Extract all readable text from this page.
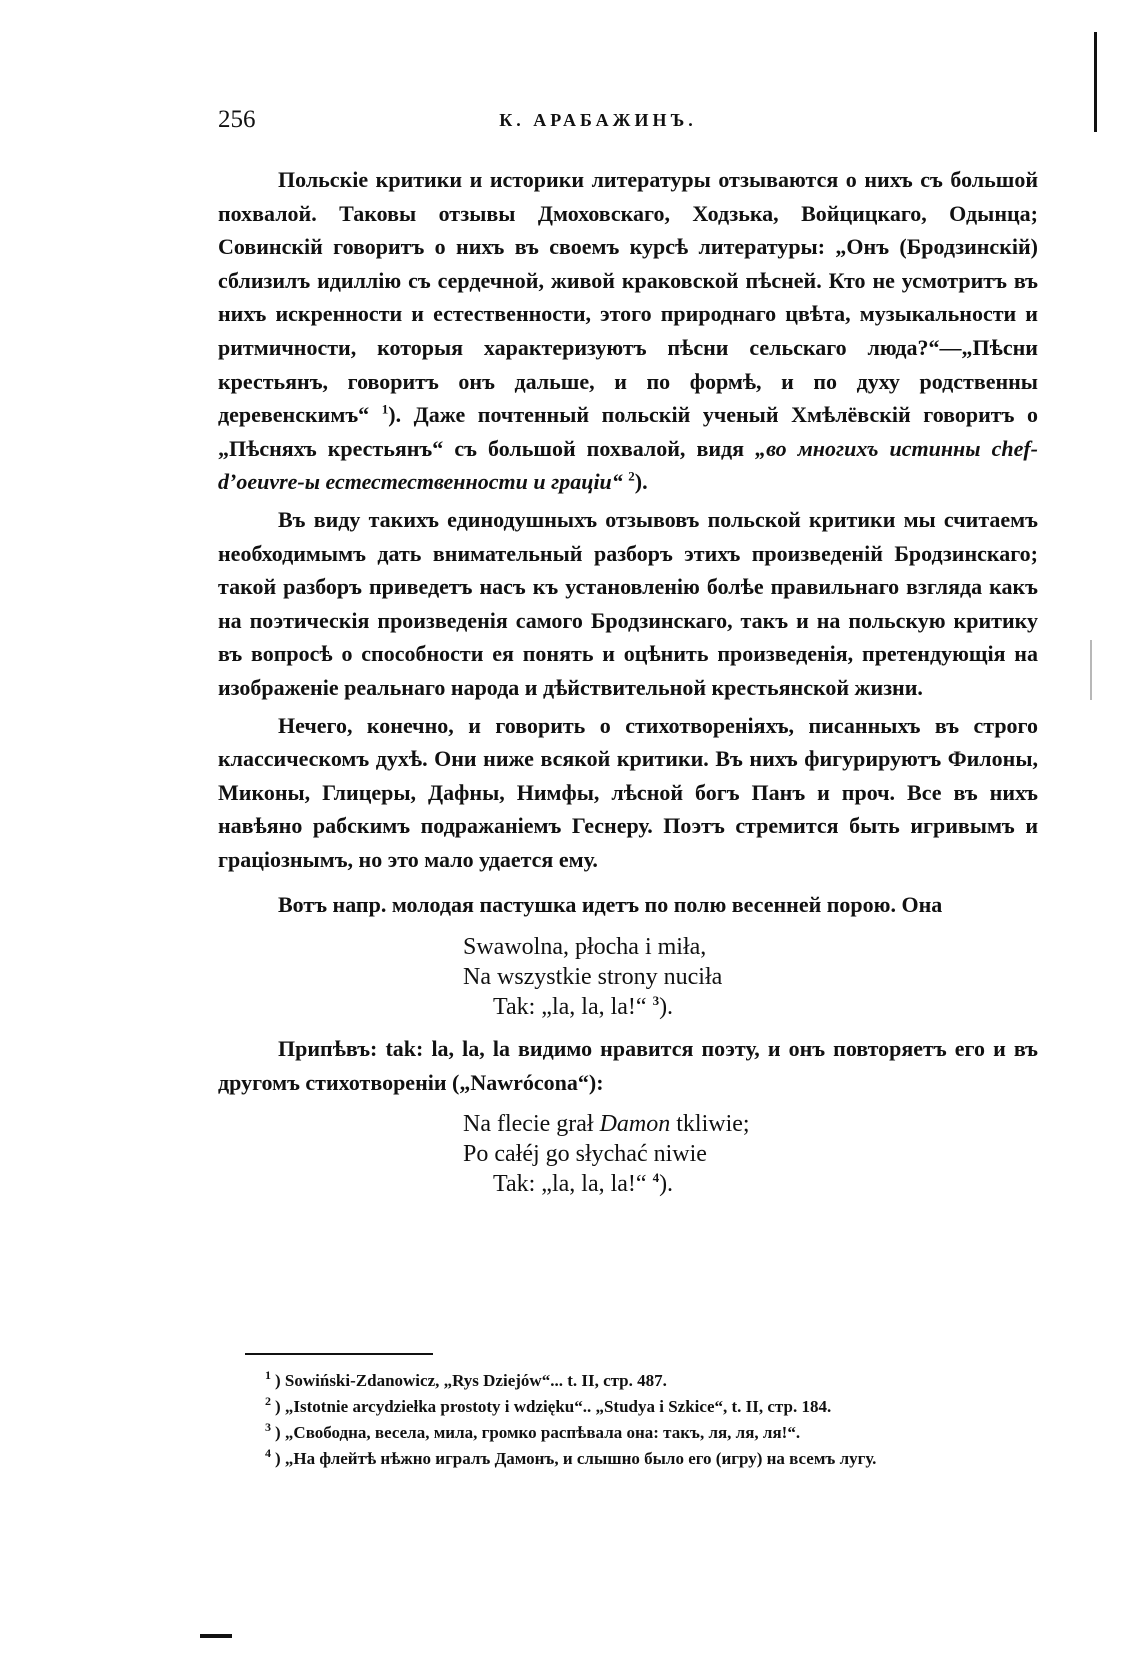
256	К. АРАБАЖИНЪ.

Польскіе критики и историки литературы отзываются о нихъ съ большой похвалой. Таковы отзывы Дмоховскаго, Ходзька, Войцицкаго, Одынца; Совинскій говоритъ о нихъ въ своемъ курсѣ литературы: „Онъ (Бродзинскій) сблизилъ идиллію съ сердечной, живой краковской пѣсней. Кто не усмотритъ въ нихъ искренности и естественности, этого природнаго цвѣта, музыкальности и ритмичности, которыя характеризуютъ пѣсни сельскаго люда?“—„Пѣсни крестьянъ, говоритъ онъ дальше, и по формѣ, и по духу родственны деревенскимъ“ $^1$). Даже почтенный польскій ученый Хмѣлёвскій говоритъ о „Пѣсняхъ крестьянъ“ съ большой похвалой, видя „во многихъ истинны chef-d’oeuvre-ы естестественности и граціи“ $^2$).

Въ виду такихъ единодушныхъ отзывовъ польской критики мы считаемъ необходимымъ дать внимательный разборъ этихъ произведеній Бродзинскаго; такой разборъ приведетъ насъ къ установленію болѣе правильнаго взгляда какъ на поэтическія произведенія самого Бродзинскаго, такъ и на польскую критику въ вопросѣ о способности ея понять и оцѣнить произведенія, претендующія на изображеніе реальнаго народа и дѣйствительной крестьянской жизни.

Нечего, конечно, и говорить о стихотвореніяхъ, писанныхъ въ строго классическомъ духѣ. Они ниже всякой критики. Въ нихъ фигурируютъ Филоны, Миконы, Глицеры, Дафны, Нимфы, лѣсной богъ Панъ и проч. Все въ нихъ навѣяно рабскимъ подражаніемъ Геснеру. Поэтъ стремится быть игривымъ и граціознымъ, но это мало удается ему.

Вотъ напр. молодая пастушка идетъ по полю весенней порою. Она

Swawolna, płocha i miła,
Na wszystkie strony nuciła
Tak: „la, la, la!“ $^3$).

Припѣвъ: tak: la, la, la видимо нравится поэту, и онъ повторяетъ его и въ другомъ стихотвореніи („Nawrócona“):

Na flecie grał Damon tkliwie;
Po całéj go słychać niwie
Tak: „la, la, la!“ $^4$).
$^1$ ) Sowiński-Zdanowicz, „Rys Dziejów“... t. II, стр. 487.
$^2$ ) „Istotnie arcydziełka prostoty i wdzięku“.. „Studya i Szkice“, t. II, стр. 184.
$^3$ ) „Свободна, весела, мила, громко распѣвала она: такъ, ля, ля, ля!“.
$^4$ ) „На флейтѣ нѣжно игралъ Дамонъ, и слышно было его (игру) на всемъ лугу.
